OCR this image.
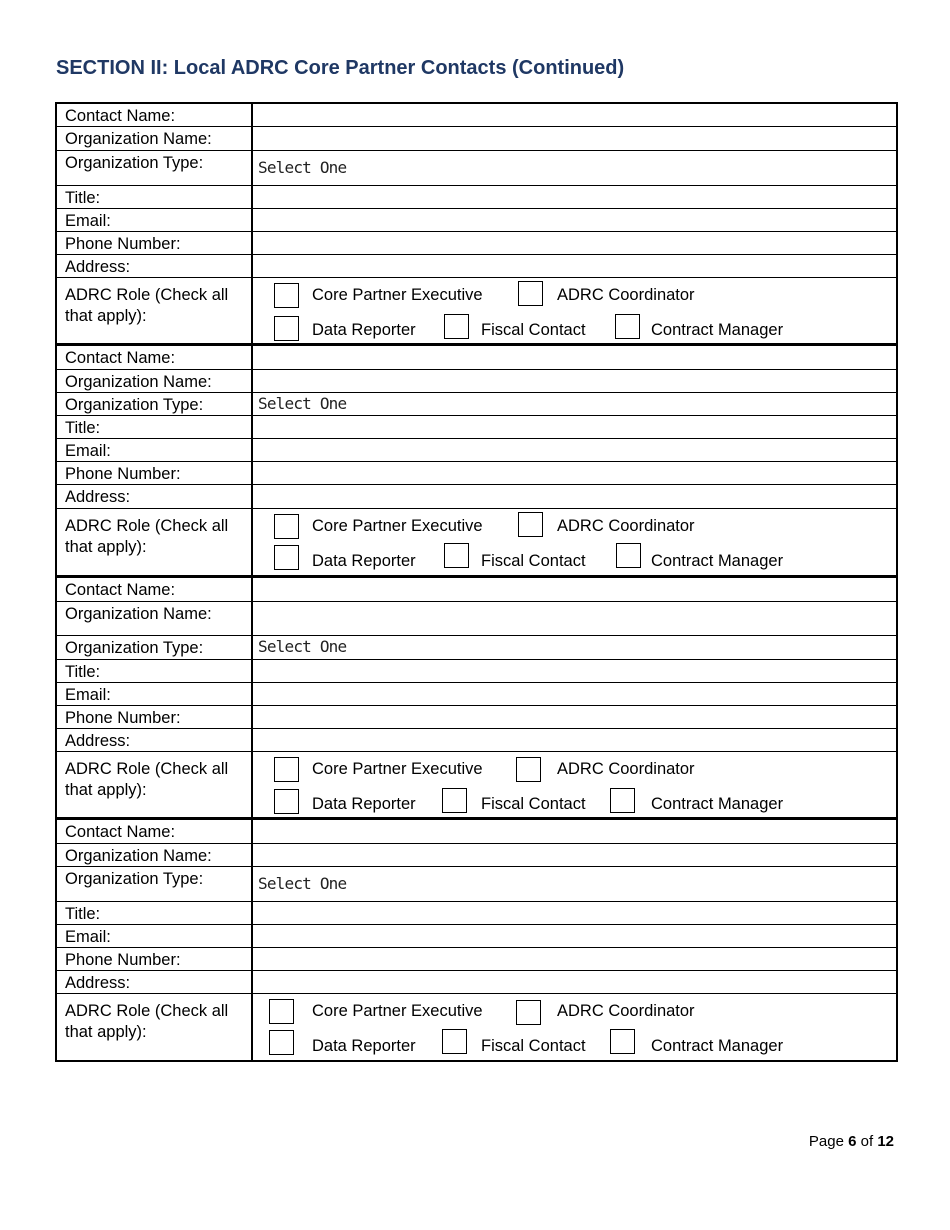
SECTION II: Local ADRC Core Partner Contacts (Continued)
Contact Name:
Organization Name:
Organization Type:	Select One
Title:
Email:
Phone Number:
Address:
ADRC Role (Check all that apply):
Core Partner Executive	ADRC Coordinator
Data Reporter	Fiscal Contact	Contract Manager
Contact Name:
Organization Name:
Organization Type:	Select One
Title:
Email:
Phone Number:
Address:
ADRC Role (Check all that apply):
Core Partner Executive	ADRC Coordinator
Data Reporter	Fiscal Contact	Contract Manager
Contact Name:
Organization Name:
Organization Type:	Select One
Title:
Email:
Phone Number:
Address:
ADRC Role (Check all that apply):
Core Partner Executive	ADRC Coordinator
Data Reporter	Fiscal Contact	Contract Manager
Contact Name:
Organization Name:
Organization Type:	Select One
Title:
Email:
Phone Number:
Address:
ADRC Role (Check all that apply):
Core Partner Executive	ADRC Coordinator
Data Reporter	Fiscal Contact	Contract Manager
Page 6 of 12
